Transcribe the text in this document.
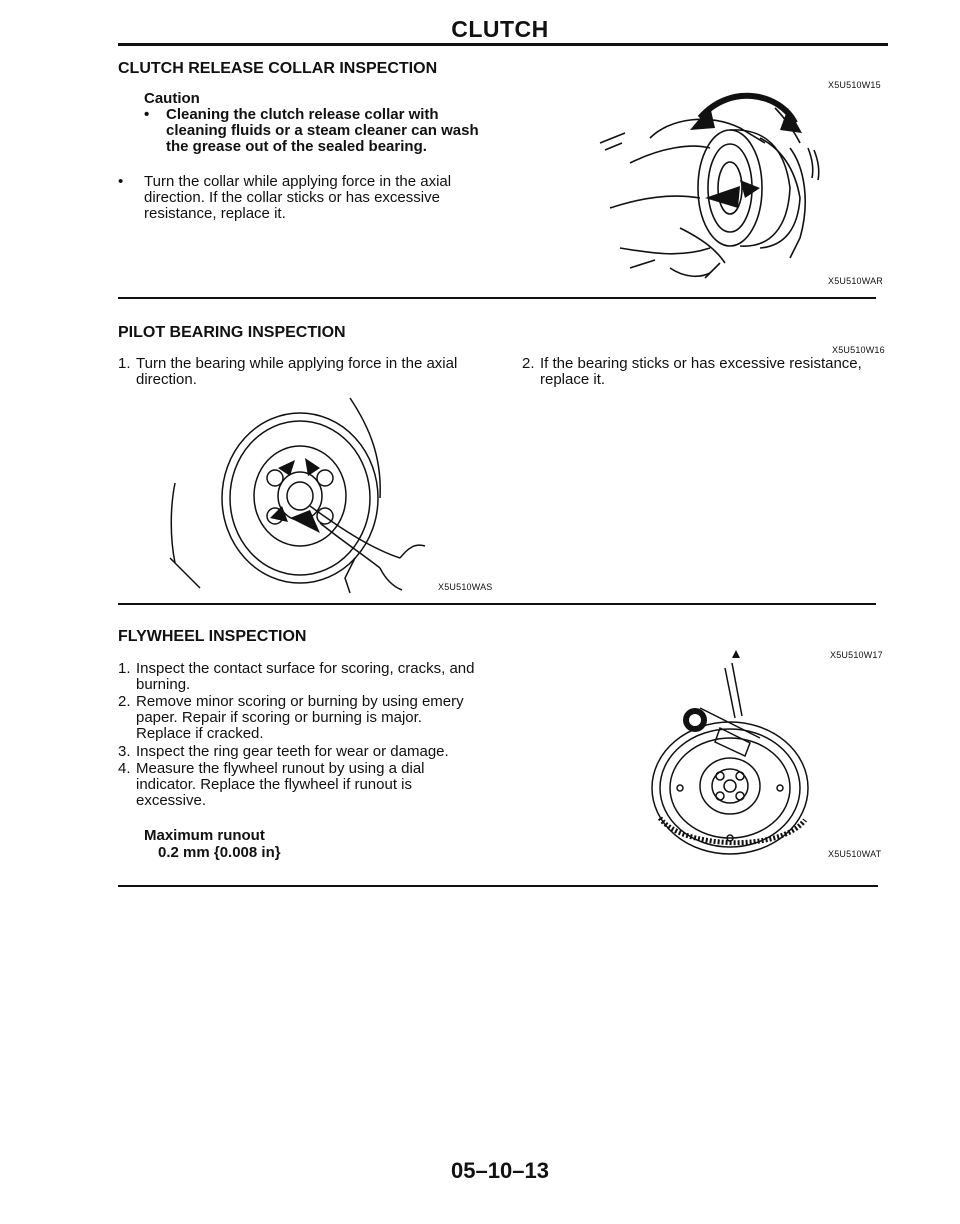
CLUTCH
CLUTCH RELEASE COLLAR INSPECTION
X5U510W15
Caution
•	Cleaning the clutch release collar with cleaning fluids or a steam cleaner can wash the grease out of the sealed bearing.
•	Turn the collar while applying force in the axial direction. If the collar sticks or has excessive resistance, replace it.
X5U510WAR
PILOT BEARING INSPECTION
X5U510W16
1. Turn the bearing while applying force in the axial direction.
2. If the bearing sticks or has excessive resistance, replace it.
X5U510WAS
FLYWHEEL INSPECTION
X5U510W17
1. Inspect the contact surface for scoring, cracks, and burning.
2. Remove minor scoring or burning by using emery paper. Repair if scoring or burning is major. Replace if cracked.
3. Inspect the ring gear teeth for wear or damage.
4. Measure the flywheel runout by using a dial indicator. Replace the flywheel if runout is excessive.
Maximum runout
0.2 mm {0.008 in}	X5U510WAT
05–10–13
